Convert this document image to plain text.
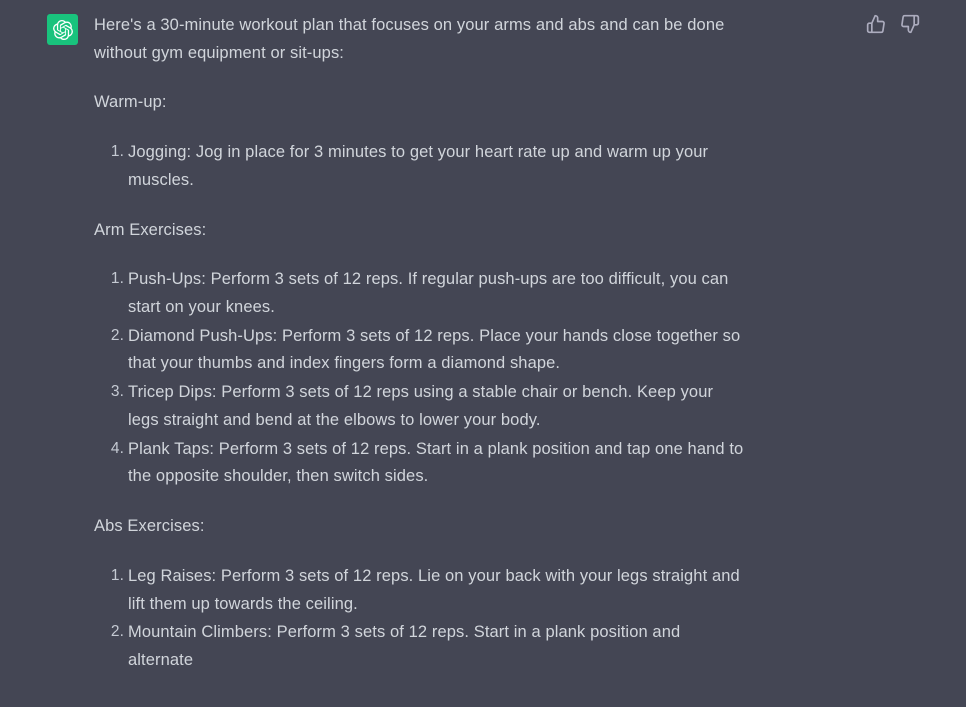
Here's a 30-minute workout plan that focuses on your arms and abs and can be done without gym equipment or sit-ups:

Warm-up:

Jogging: Jog in place for 3 minutes to get your heart rate up and warm up your muscles.

Arm Exercises:

Push-Ups: Perform 3 sets of 12 reps. If regular push-ups are too difficult, you can start on your knees.
Diamond Push-Ups: Perform 3 sets of 12 reps. Place your hands close together so that your thumbs and index fingers form a diamond shape.
Tricep Dips: Perform 3 sets of 12 reps using a stable chair or bench. Keep your legs straight and bend at the elbows to lower your body.
Plank Taps: Perform 3 sets of 12 reps. Start in a plank position and tap one hand to the opposite shoulder, then switch sides.

Abs Exercises:

Leg Raises: Perform 3 sets of 12 reps. Lie on your back with your legs straight and lift them up towards the ceiling.
Mountain Climbers: Perform 3 sets of 12 reps. Start in a plank position and alternate
